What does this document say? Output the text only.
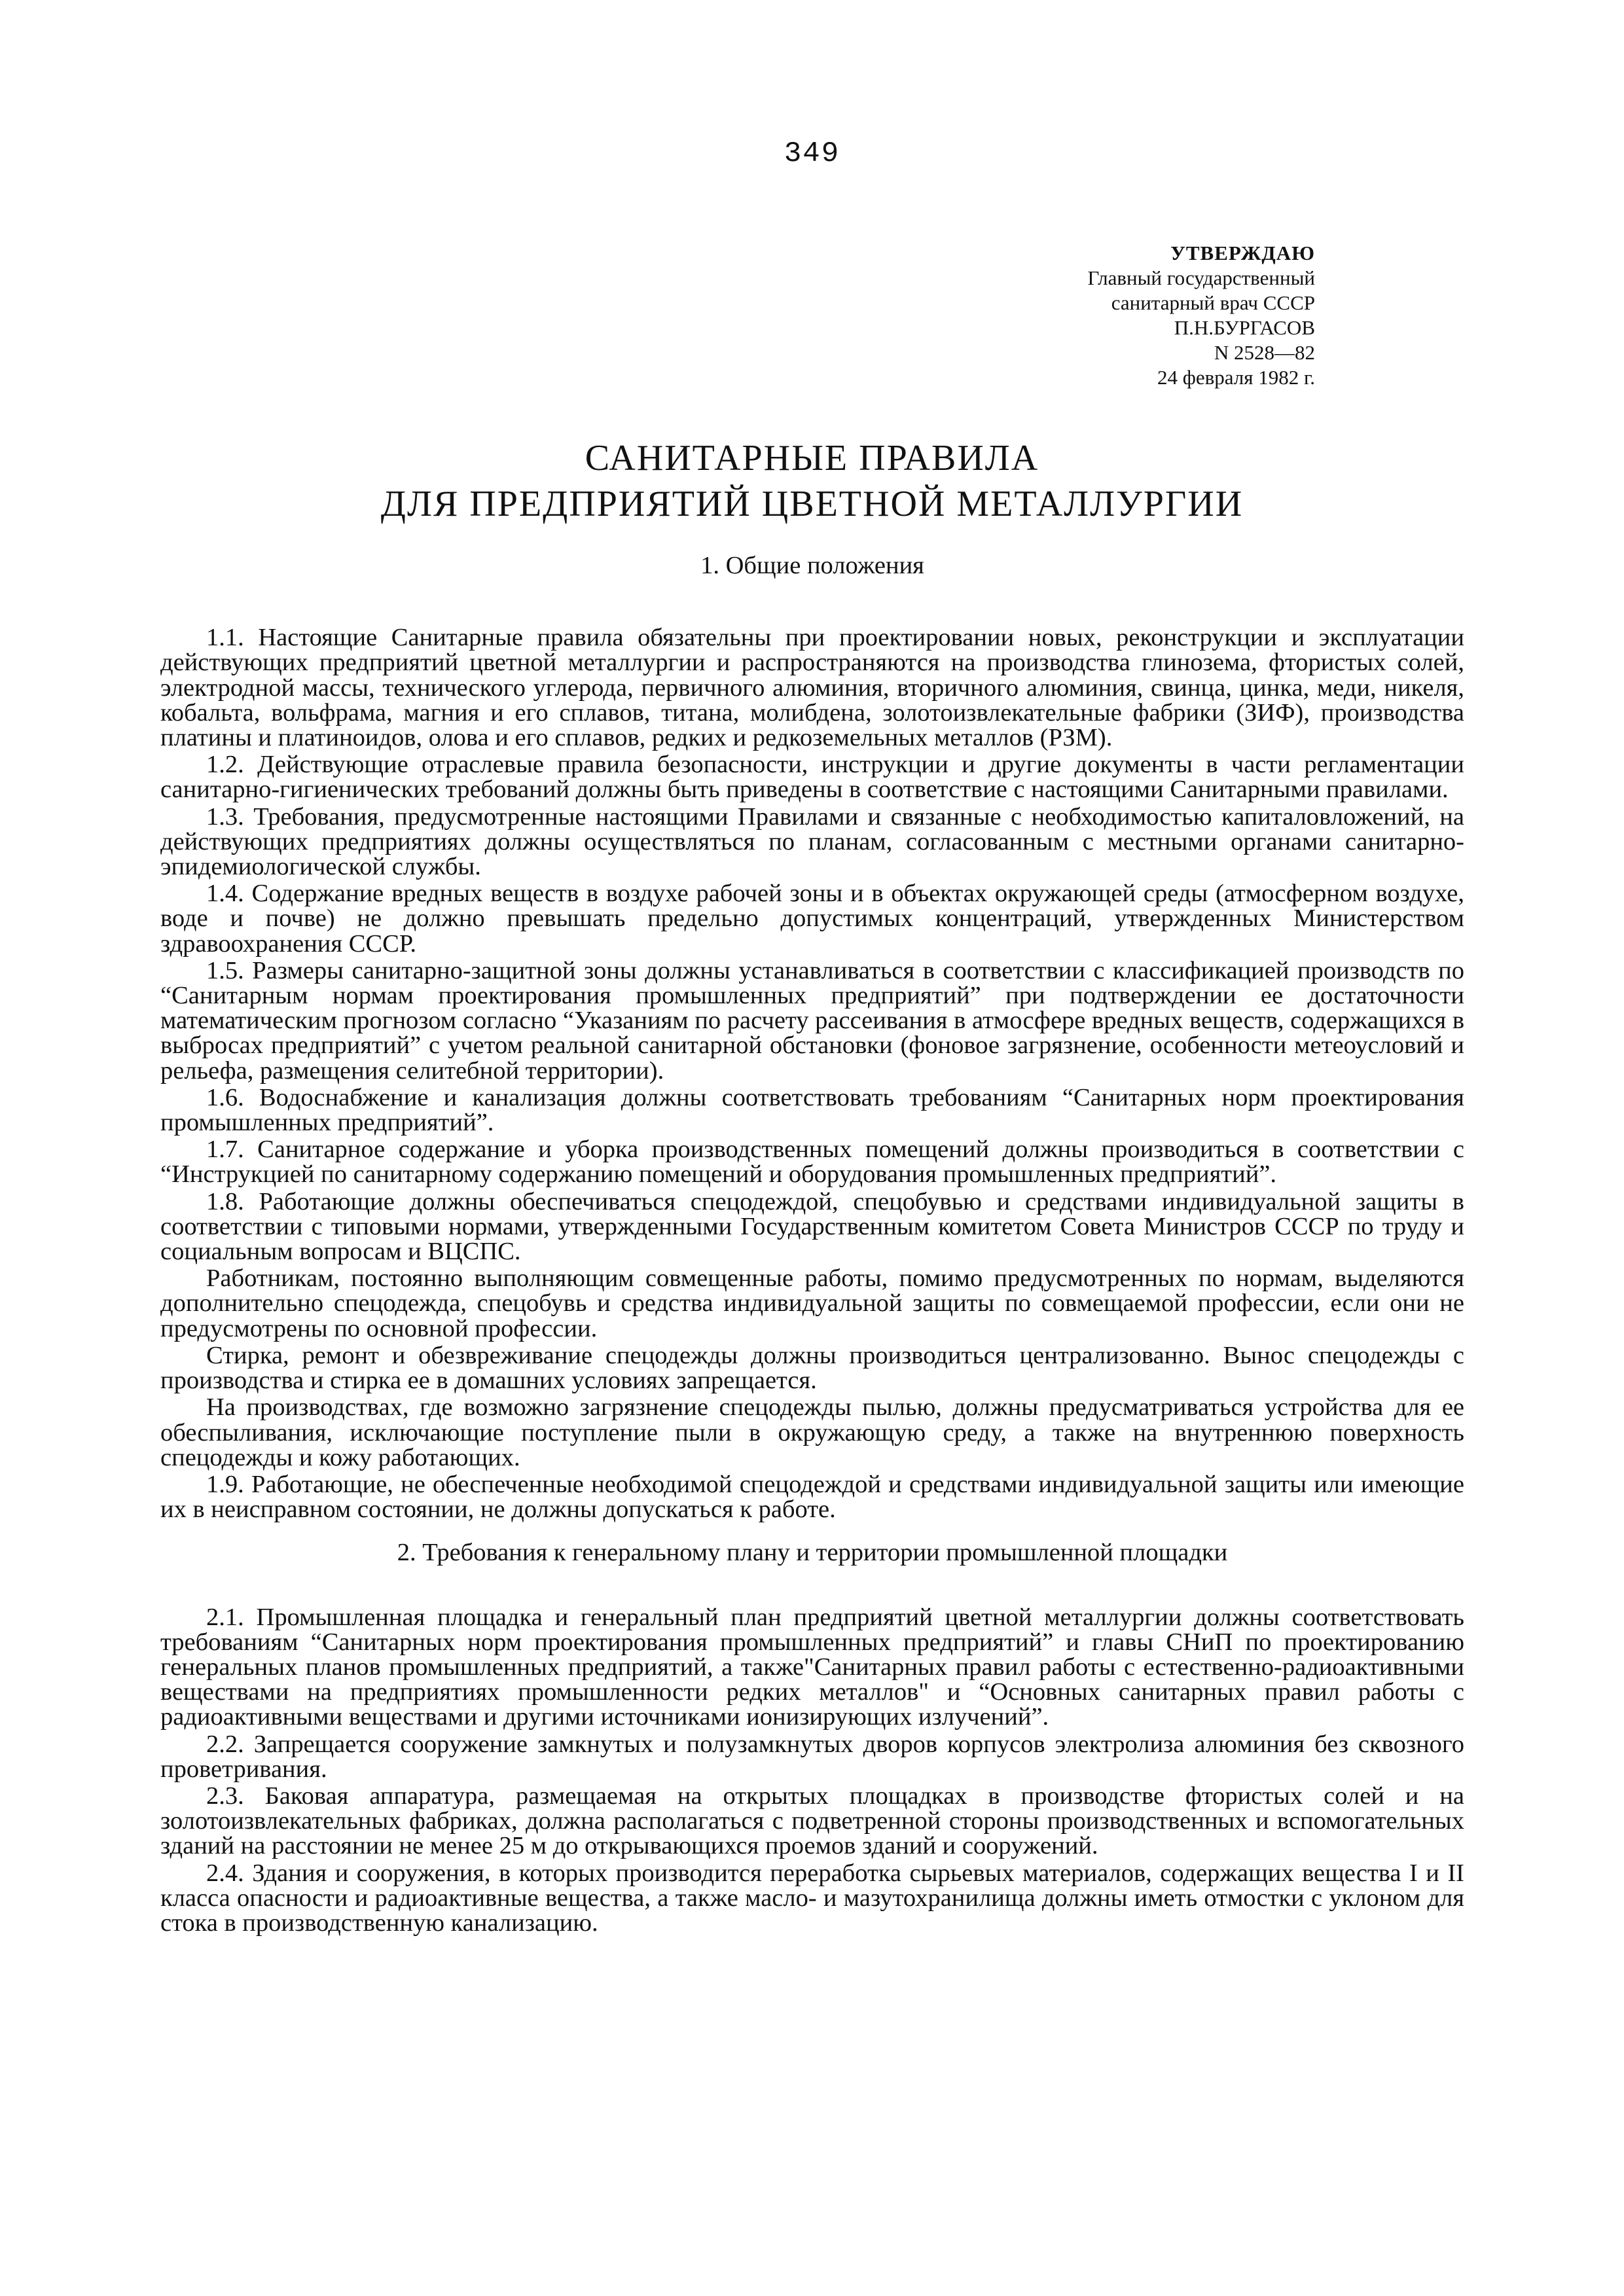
349
УТВЕРЖДАЮ
Главный государственный
санитарный врач СССР
П.Н.БУРГАСОВ
N 2528—82
24 февраля 1982 г.
САНИТАРНЫЕ ПРАВИЛА
ДЛЯ ПРЕДПРИЯТИЙ ЦВЕТНОЙ МЕТАЛЛУРГИИ
1. Общие положения

1.1. Настоящие Санитарные правила обязательны при проектировании новых, реконструкции и эксплуатации действующих предприятий цветной металлургии и распространяются на производства глинозема, фтористых солей, электродной массы, технического углерода, первичного алюминия, вторичного алюминия, свинца, цинка, меди, никеля, кобальта, вольфрама, магния и его сплавов, титана, молибдена, золотоизвлекательные фабрики (ЗИФ), производства платины и платиноидов, олова и его сплавов, редких и редкоземельных металлов (РЗМ).

1.2. Действующие отраслевые правила безопасности, инструкции и другие документы в части регламентации санитарно-гигиенических требований должны быть приведены в соответствие с настоящими Санитарными правилами.

1.3. Требования, предусмотренные настоящими Правилами и связанные с необходимостью капиталовложений, на действующих предприятиях должны осуществляться по планам, согласованным с местными органами санитарно-эпидемиологической службы.

1.4. Содержание вредных веществ в воздухе рабочей зоны и в объектах окружающей среды (атмосферном воздухе, воде и почве) не должно превышать предельно допустимых концентраций, утвержденных Министерством здравоохранения СССР.

1.5. Размеры санитарно-защитной зоны должны устанавливаться в соответствии с классификацией производств по “Санитарным нормам проектирования промышленных предприятий” при подтверждении ее достаточности математическим прогнозом согласно “Указаниям по расчету рассеивания в атмосфере вредных веществ, содержащихся в выбросах предприятий” с учетом реальной санитарной обстановки (фоновое загрязнение, особенности метеоусловий и рельефа, размещения селитебной территории).

1.6. Водоснабжение и канализация должны соответствовать требованиям “Санитарных норм проектирования промышленных предприятий”.

1.7. Санитарное содержание и уборка производственных помещений должны производиться в соответствии с “Инструкцией по санитарному содержанию помещений и оборудования промышленных предприятий”.

1.8. Работающие должны обеспечиваться спецодеждой, спецобувью и средствами индивидуальной защиты в соответствии с типовыми нормами, утвержденными Государственным комитетом Совета Министров СССР по труду и социальным вопросам и ВЦСПС.

Работникам, постоянно выполняющим совмещенные работы, помимо предусмотренных по нормам, выделяются дополнительно спецодежда, спецобувь и средства индивидуальной защиты по совмещаемой профессии, если они не предусмотрены по основной профессии.

Стирка, ремонт и обезвреживание спецодежды должны производиться централизованно. Вынос спецодежды с производства и стирка ее в домашних условиях запрещается.

На производствах, где возможно загрязнение спецодежды пылью, должны предусматриваться устройства для ее обеспыливания, исключающие поступление пыли в окружающую среду, а также на внутреннюю поверхность спецодежды и кожу работающих.

1.9. Работающие, не обеспеченные необходимой спецодеждой и средствами индивидуальной защиты или имеющие их в неисправном состоянии, не должны допускаться к работе.

2. Требования к генеральному плану и территории промышленной площадки

2.1. Промышленная площадка и генеральный план предприятий цветной металлургии должны соответствовать требованиям “Санитарных норм проектирования промышленных предприятий” и главы СНиП по проектированию генеральных планов промышленных предприятий, а также"Санитарных правил работы с естественно-радиоактивными веществами на предприятиях промышленности редких металлов" и “Основных санитарных правил работы с радиоактивными веществами и другими источниками ионизирующих излучений”.

2.2. Запрещается сооружение замкнутых и полузамкнутых дворов корпусов электролиза алюминия без сквозного проветривания.

2.3. Баковая аппаратура, размещаемая на открытых площадках в производстве фтористых солей и на золотоизвлекательных фабриках, должна располагаться с подветренной стороны производственных и вспомогательных зданий на расстоянии не менее 25 м до открывающихся проемов зданий и сооружений.

2.4. Здания и сооружения, в которых производится переработка сырьевых материалов, содержащих вещества I и II класса опасности и радиоактивные вещества, а также масло- и мазутохранилища должны иметь отмостки с уклоном для стока в производственную канализацию.
